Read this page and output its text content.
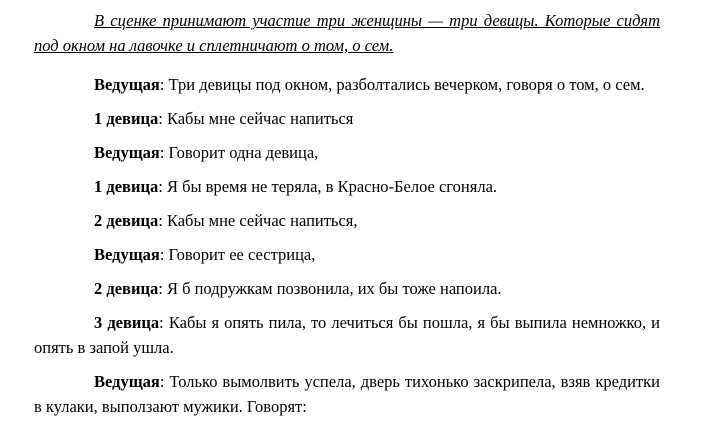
В сценке принимают участие три женщины — три девицы. Которые сидят под окном на лавочке и сплетничают о том, о сем.

Ведущая: Три девицы под окном, разболтались вечерком, говоря о том, о сем.

1 девица: Кабы мне сейчас напиться

Ведущая: Говорит одна девица,

1 девица: Я бы время не теряла, в Красно-Белое сгоняла.

2 девица: Кабы мне сейчас напиться,

Ведущая: Говорит ее сестрица,

2 девица: Я б подружкам позвонила, их бы тоже напоила.

3 девица: Кабы я опять пила, то лечиться бы пошла, я бы выпила немножко, и опять в запой ушла.

Ведущая: Только вымолвить успела, дверь тихонько заскрипела, взяв кредитки в кулаки, выползают мужики. Говорят:
